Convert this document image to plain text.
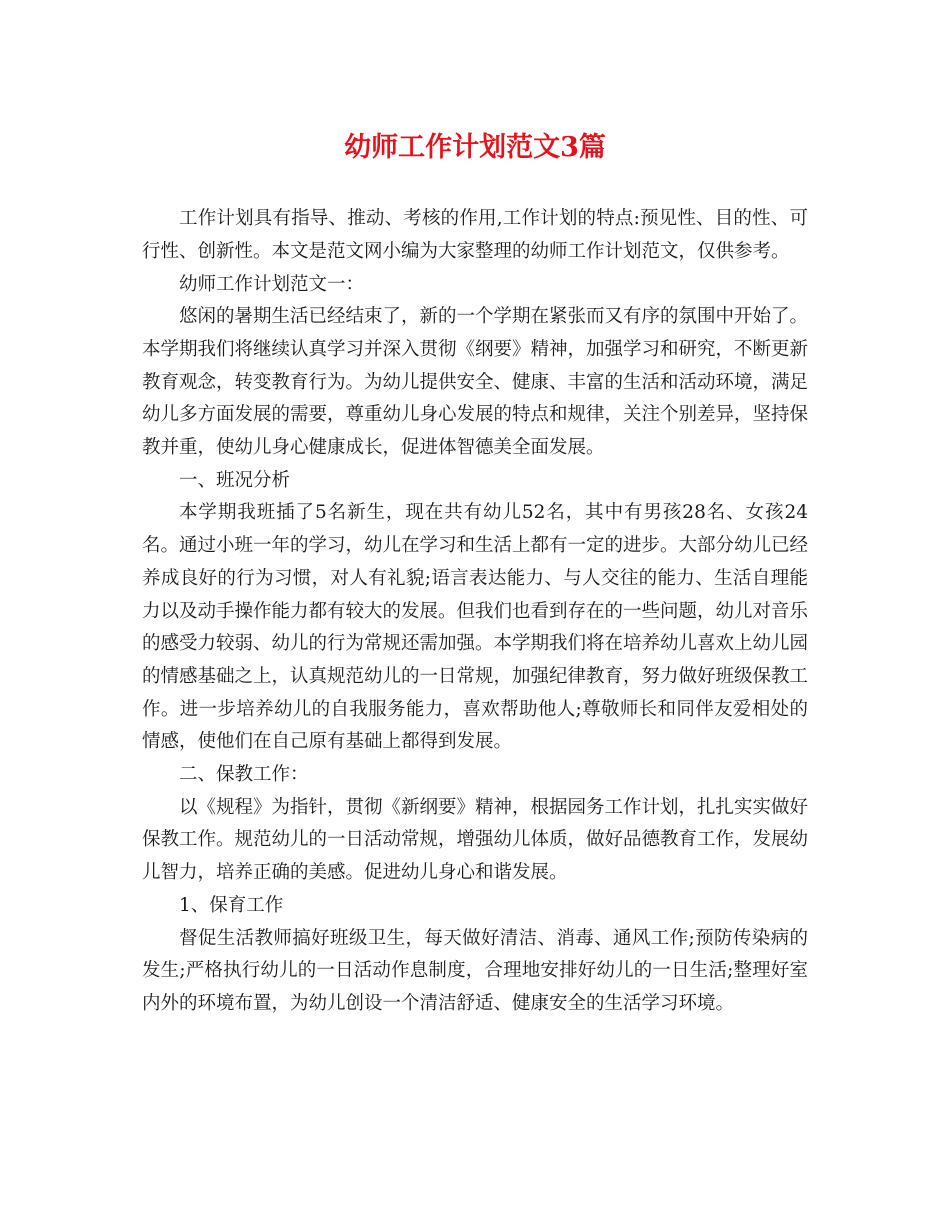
幼师工作计划范文3篇

工作计划具有指导、推动、考核的作用,工作计划的特点:预见性、目的性、可行性、创新性。本文是范文网小编为大家整理的幼师工作计划范文，仅供参考。

幼师工作计划范文一：

悠闲的暑期生活已经结束了，新的一个学期在紧张而又有序的氛围中开始了。本学期我们将继续认真学习并深入贯彻《纲要》精神，加强学习和研究，不断更新教育观念，转变教育行为。为幼儿提供安全、健康、丰富的生活和活动环境，满足幼儿多方面发展的需要，尊重幼儿身心发展的特点和规律，关注个别差异，坚持保教并重，使幼儿身心健康成长，促进体智德美全面发展。

一、班况分析

本学期我班插了5名新生，现在共有幼儿52名，其中有男孩28名、女孩24名。通过小班一年的学习，幼儿在学习和生活上都有一定的进步。大部分幼儿已经养成良好的行为习惯，对人有礼貌;语言表达能力、与人交往的能力、生活自理能力以及动手操作能力都有较大的发展。但我们也看到存在的一些问题，幼儿对音乐的感受力较弱、幼儿的行为常规还需加强。本学期我们将在培养幼儿喜欢上幼儿园的情感基础之上，认真规范幼儿的一日常规，加强纪律教育，努力做好班级保教工作。进一步培养幼儿的自我服务能力，喜欢帮助他人;尊敬师长和同伴友爱相处的情感，使他们在自己原有基础上都得到发展。

二、保教工作：

以《规程》为指针，贯彻《新纲要》精神，根据园务工作计划，扎扎实实做好保教工作。规范幼儿的一日活动常规，增强幼儿体质，做好品德教育工作，发展幼儿智力，培养正确的美感。促进幼儿身心和谐发展。

1、保育工作

督促生活教师搞好班级卫生，每天做好清洁、消毒、通风工作;预防传染病的发生;严格执行幼儿的一日活动作息制度，合理地安排好幼儿的一日生活;整理好室内外的环境布置，为幼儿创设一个清洁舒适、健康安全的生活学习环境。
